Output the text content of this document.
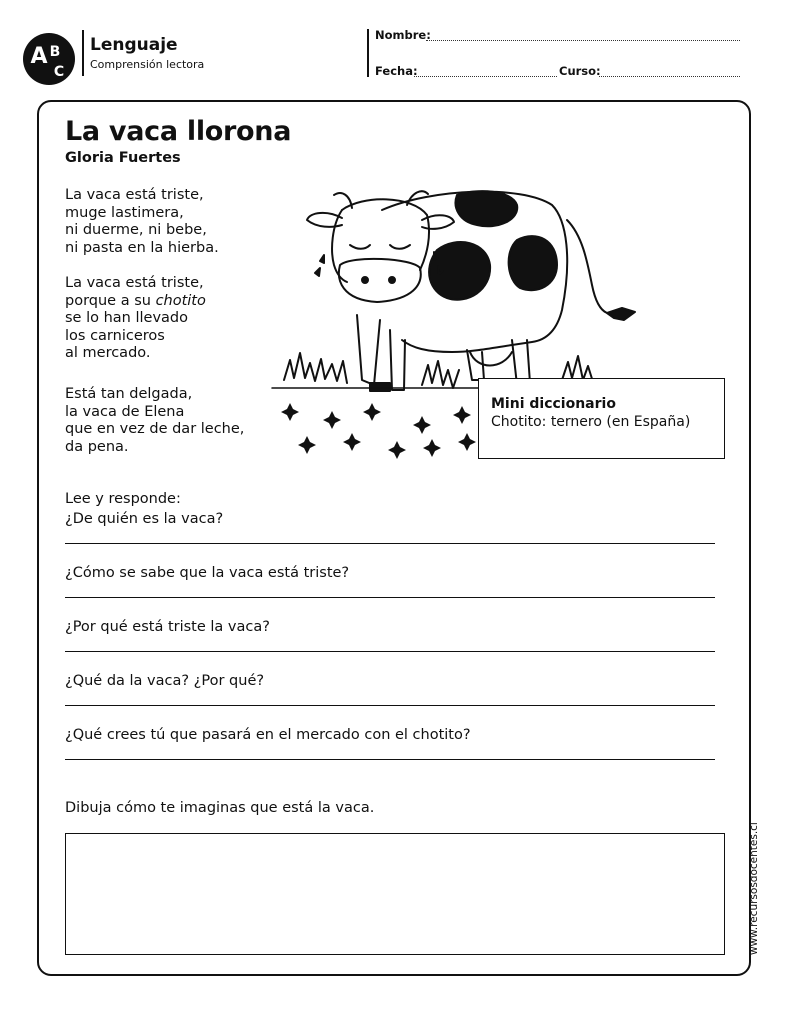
A B
C
Lenguaje
Comprensión lectora
Nombre:
Fecha:	Curso:
La vaca llorona
Gloria Fuertes
La vaca está triste,
muge lastimera,
ni duerme, ni bebe,
ni pasta en la hierba.
La vaca está triste,
porque a su chotito
se lo han llevado
los carniceros
al mercado.
Está tan delgada,
la vaca de Elena
que en vez de dar leche,
da pena.
Mini diccionario
Chotito: ternero (en España)
Lee y responde:
¿De quién es la vaca?
¿Cómo se sabe que la vaca está triste?
¿Por qué está triste la vaca?
¿Qué da la vaca? ¿Por qué?
¿Qué crees tú que pasará en el mercado con el chotito?
Dibuja cómo te imaginas que está la vaca.
www.recursosdocentes.cl
